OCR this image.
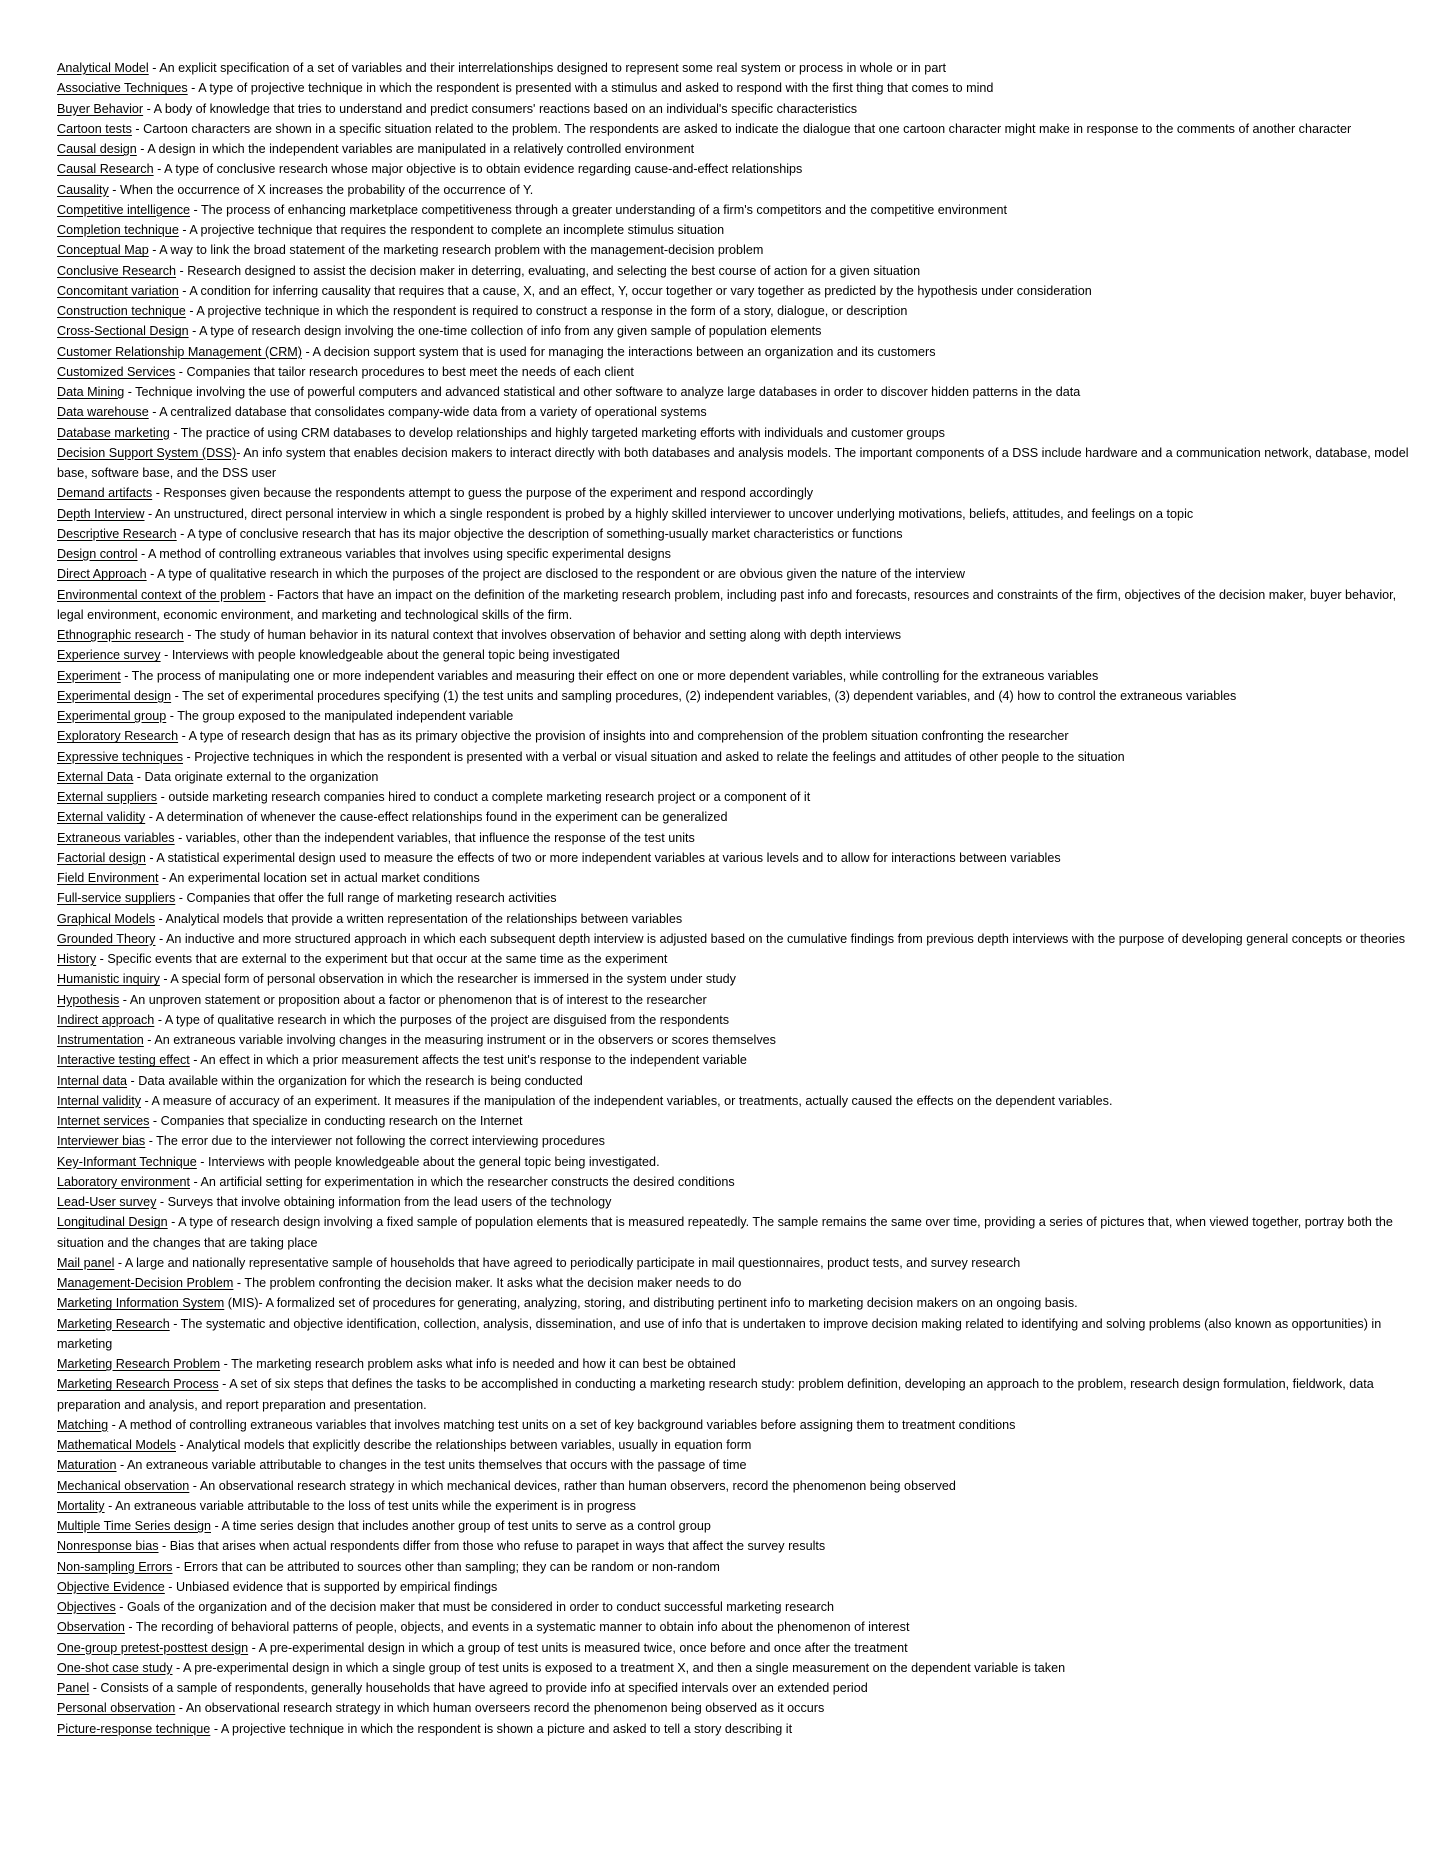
Analytical Model - An explicit specification of a set of variables and their interrelationships designed to represent some real system or process in whole or in part

Associative Techniques - A type of projective technique in which the respondent is presented with a stimulus and asked to respond with the first thing that comes to mind

Buyer Behavior - A body of knowledge that tries to understand and predict consumers' reactions based on an individual's specific characteristics

Cartoon tests - Cartoon characters are shown in a specific situation related to the problem. The respondents are asked to indicate the dialogue that one cartoon character might make in response to the comments of another character

Causal design - A design in which the independent variables are manipulated in a relatively controlled environment

Causal Research - A type of conclusive research whose major objective is to obtain evidence regarding cause-and-effect relationships

Causality - When the occurrence of X increases the probability of the occurrence of Y.

Competitive intelligence - The process of enhancing marketplace competitiveness through a greater understanding of a firm's competitors and the competitive environment

Completion technique - A projective technique that requires the respondent to complete an incomplete stimulus situation

Conceptual Map - A way to link the broad statement of the marketing research problem with the management-decision problem

Conclusive Research - Research designed to assist the decision maker in deterring, evaluating, and selecting the best course of action for a given situation

Concomitant variation - A condition for inferring causality that requires that a cause, X, and an effect, Y, occur together or vary together as predicted by the hypothesis under consideration

Construction technique - A projective technique in which the respondent is required to construct a response in the form of a story, dialogue, or description

Cross-Sectional Design - A type of research design involving the one-time collection of info from any given sample of population elements

Customer Relationship Management (CRM) - A decision support system that is used for managing the interactions between an organization and its customers

Customized Services - Companies that tailor research procedures to best meet the needs of each client

Data Mining - Technique involving the use of powerful computers and advanced statistical and other software to analyze large databases in order to discover hidden patterns in the data

Data warehouse - A centralized database that consolidates company-wide data from a variety of operational systems

Database marketing - The practice of using CRM databases to develop relationships and highly targeted marketing efforts with individuals and customer groups

Decision Support System (DSS)- An info system that enables decision makers to interact directly with both databases and analysis models. The important components of a DSS include hardware and a communication network, database, model base, software base, and the DSS user

Demand artifacts - Responses given because the respondents attempt to guess the purpose of the experiment and respond accordingly

Depth Interview - An unstructured, direct personal interview in which a single respondent is probed by a highly skilled interviewer to uncover underlying motivations, beliefs, attitudes, and feelings on a topic

Descriptive Research - A type of conclusive research that has its major objective the description of something-usually market characteristics or functions

Design control - A method of controlling extraneous variables that involves using specific experimental designs

Direct Approach - A type of qualitative research in which the purposes of the project are disclosed to the respondent or are obvious given the nature of the interview

Environmental context of the problem - Factors that have an impact on the definition of the marketing research problem, including past info and forecasts, resources and constraints of the firm, objectives of the decision maker, buyer behavior, legal environment, economic environment, and marketing and technological skills of the firm.

Ethnographic research - The study of human behavior in its natural context that involves observation of behavior and setting along with depth interviews

Experience survey - Interviews with people knowledgeable about the general topic being investigated

Experiment - The process of manipulating one or more independent variables and measuring their effect on one or more dependent variables, while controlling for the extraneous variables

Experimental design - The set of experimental procedures specifying (1) the test units and sampling procedures, (2) independent variables, (3) dependent variables, and (4) how to control the extraneous variables

Experimental group - The group exposed to the manipulated independent variable

Exploratory Research - A type of research design that has as its primary objective the provision of insights into and comprehension of the problem situation confronting the researcher

Expressive techniques - Projective techniques in which the respondent is presented with a verbal or visual situation and asked to relate the feelings and attitudes of other people to the situation

External Data - Data originate external to the organization

External suppliers - outside marketing research companies hired to conduct a complete marketing research project or a component of it

External validity - A determination of whenever the cause-effect relationships found in the experiment can be generalized

Extraneous variables - variables, other than the independent variables, that influence the response of the test units

Factorial design - A statistical experimental design used to measure the effects of two or more independent variables at various levels and to allow for interactions between variables

Field Environment - An experimental location set in actual market conditions

Full-service suppliers - Companies that offer the full range of marketing research activities

Graphical Models - Analytical models that provide a written representation of the relationships between variables

Grounded Theory - An inductive and more structured approach in which each subsequent depth interview is adjusted based on the cumulative findings from previous depth interviews with the purpose of developing general concepts or theories

History - Specific events that are external to the experiment but that occur at the same time as the experiment

Humanistic inquiry - A special form of personal observation in which the researcher is immersed in the system under study

Hypothesis - An unproven statement or proposition about a factor or phenomenon that is of interest to the researcher

Indirect approach - A type of qualitative research in which the purposes of the project are disguised from the respondents

Instrumentation - An extraneous variable involving changes in the measuring instrument or in the observers or scores themselves

Interactive testing effect - An effect in which a prior measurement affects the test unit's response to the independent variable

Internal data - Data available within the organization for which the research is being conducted

Internal validity - A measure of accuracy of an experiment. It measures if the manipulation of the independent variables, or treatments, actually caused the effects on the dependent variables.

Internet services - Companies that specialize in conducting research on the Internet

Interviewer bias - The error due to the interviewer not following the correct interviewing procedures

Key-Informant Technique - Interviews with people knowledgeable about the general topic being investigated.

Laboratory environment - An artificial setting for experimentation in which the researcher constructs the desired conditions

Lead-User survey - Surveys that involve obtaining information from the lead users of the technology

Longitudinal Design - A type of research design involving a fixed sample of population elements that is measured repeatedly. The sample remains the same over time, providing a series of pictures that, when viewed together, portray both the situation and the changes that are taking place

Mail panel - A large and nationally representative sample of households that have agreed to periodically participate in mail questionnaires, product tests, and survey research

Management-Decision Problem - The problem confronting the decision maker. It asks what the decision maker needs to do

Marketing Information System (MIS)- A formalized set of procedures for generating, analyzing, storing, and distributing pertinent info to marketing decision makers on an ongoing basis.

Marketing Research - The systematic and objective identification, collection, analysis, dissemination, and use of info that is undertaken to improve decision making related to identifying and solving problems (also known as opportunities) in marketing

Marketing Research Problem - The marketing research problem asks what info is needed and how it can best be obtained

Marketing Research Process - A set of six steps that defines the tasks to be accomplished in conducting a marketing research study: problem definition, developing an approach to the problem, research design formulation, fieldwork, data preparation and analysis, and report preparation and presentation.

Matching - A method of controlling extraneous variables that involves matching test units on a set of key background variables before assigning them to treatment conditions

Mathematical Models - Analytical models that explicitly describe the relationships between variables, usually in equation form

Maturation - An extraneous variable attributable to changes in the test units themselves that occurs with the passage of time

Mechanical observation - An observational research strategy in which mechanical devices, rather than human observers, record the phenomenon being observed

Mortality - An extraneous variable attributable to the loss of test units while the experiment is in progress

Multiple Time Series design - A time series design that includes another group of test units to serve as a control group

Nonresponse bias - Bias that arises when actual respondents differ from those who refuse to parapet in ways that affect the survey results

Non-sampling Errors - Errors that can be attributed to sources other than sampling; they can be random or non-random

Objective Evidence - Unbiased evidence that is supported by empirical findings

Objectives - Goals of the organization and of the decision maker that must be considered in order to conduct successful marketing research

Observation - The recording of behavioral patterns of people, objects, and events in a systematic manner to obtain info about the phenomenon of interest

One-group pretest-posttest design - A pre-experimental design in which a group of test units is measured twice, once before and once after the treatment

One-shot case study - A pre-experimental design in which a single group of test units is exposed to a treatment X, and then a single measurement on the dependent variable is taken

Panel - Consists of a sample of respondents, generally households that have agreed to provide info at specified intervals over an extended period

Personal observation - An observational research strategy in which human overseers record the phenomenon being observed as it occurs

Picture-response technique - A projective technique in which the respondent is shown a picture and asked to tell a story describing it
